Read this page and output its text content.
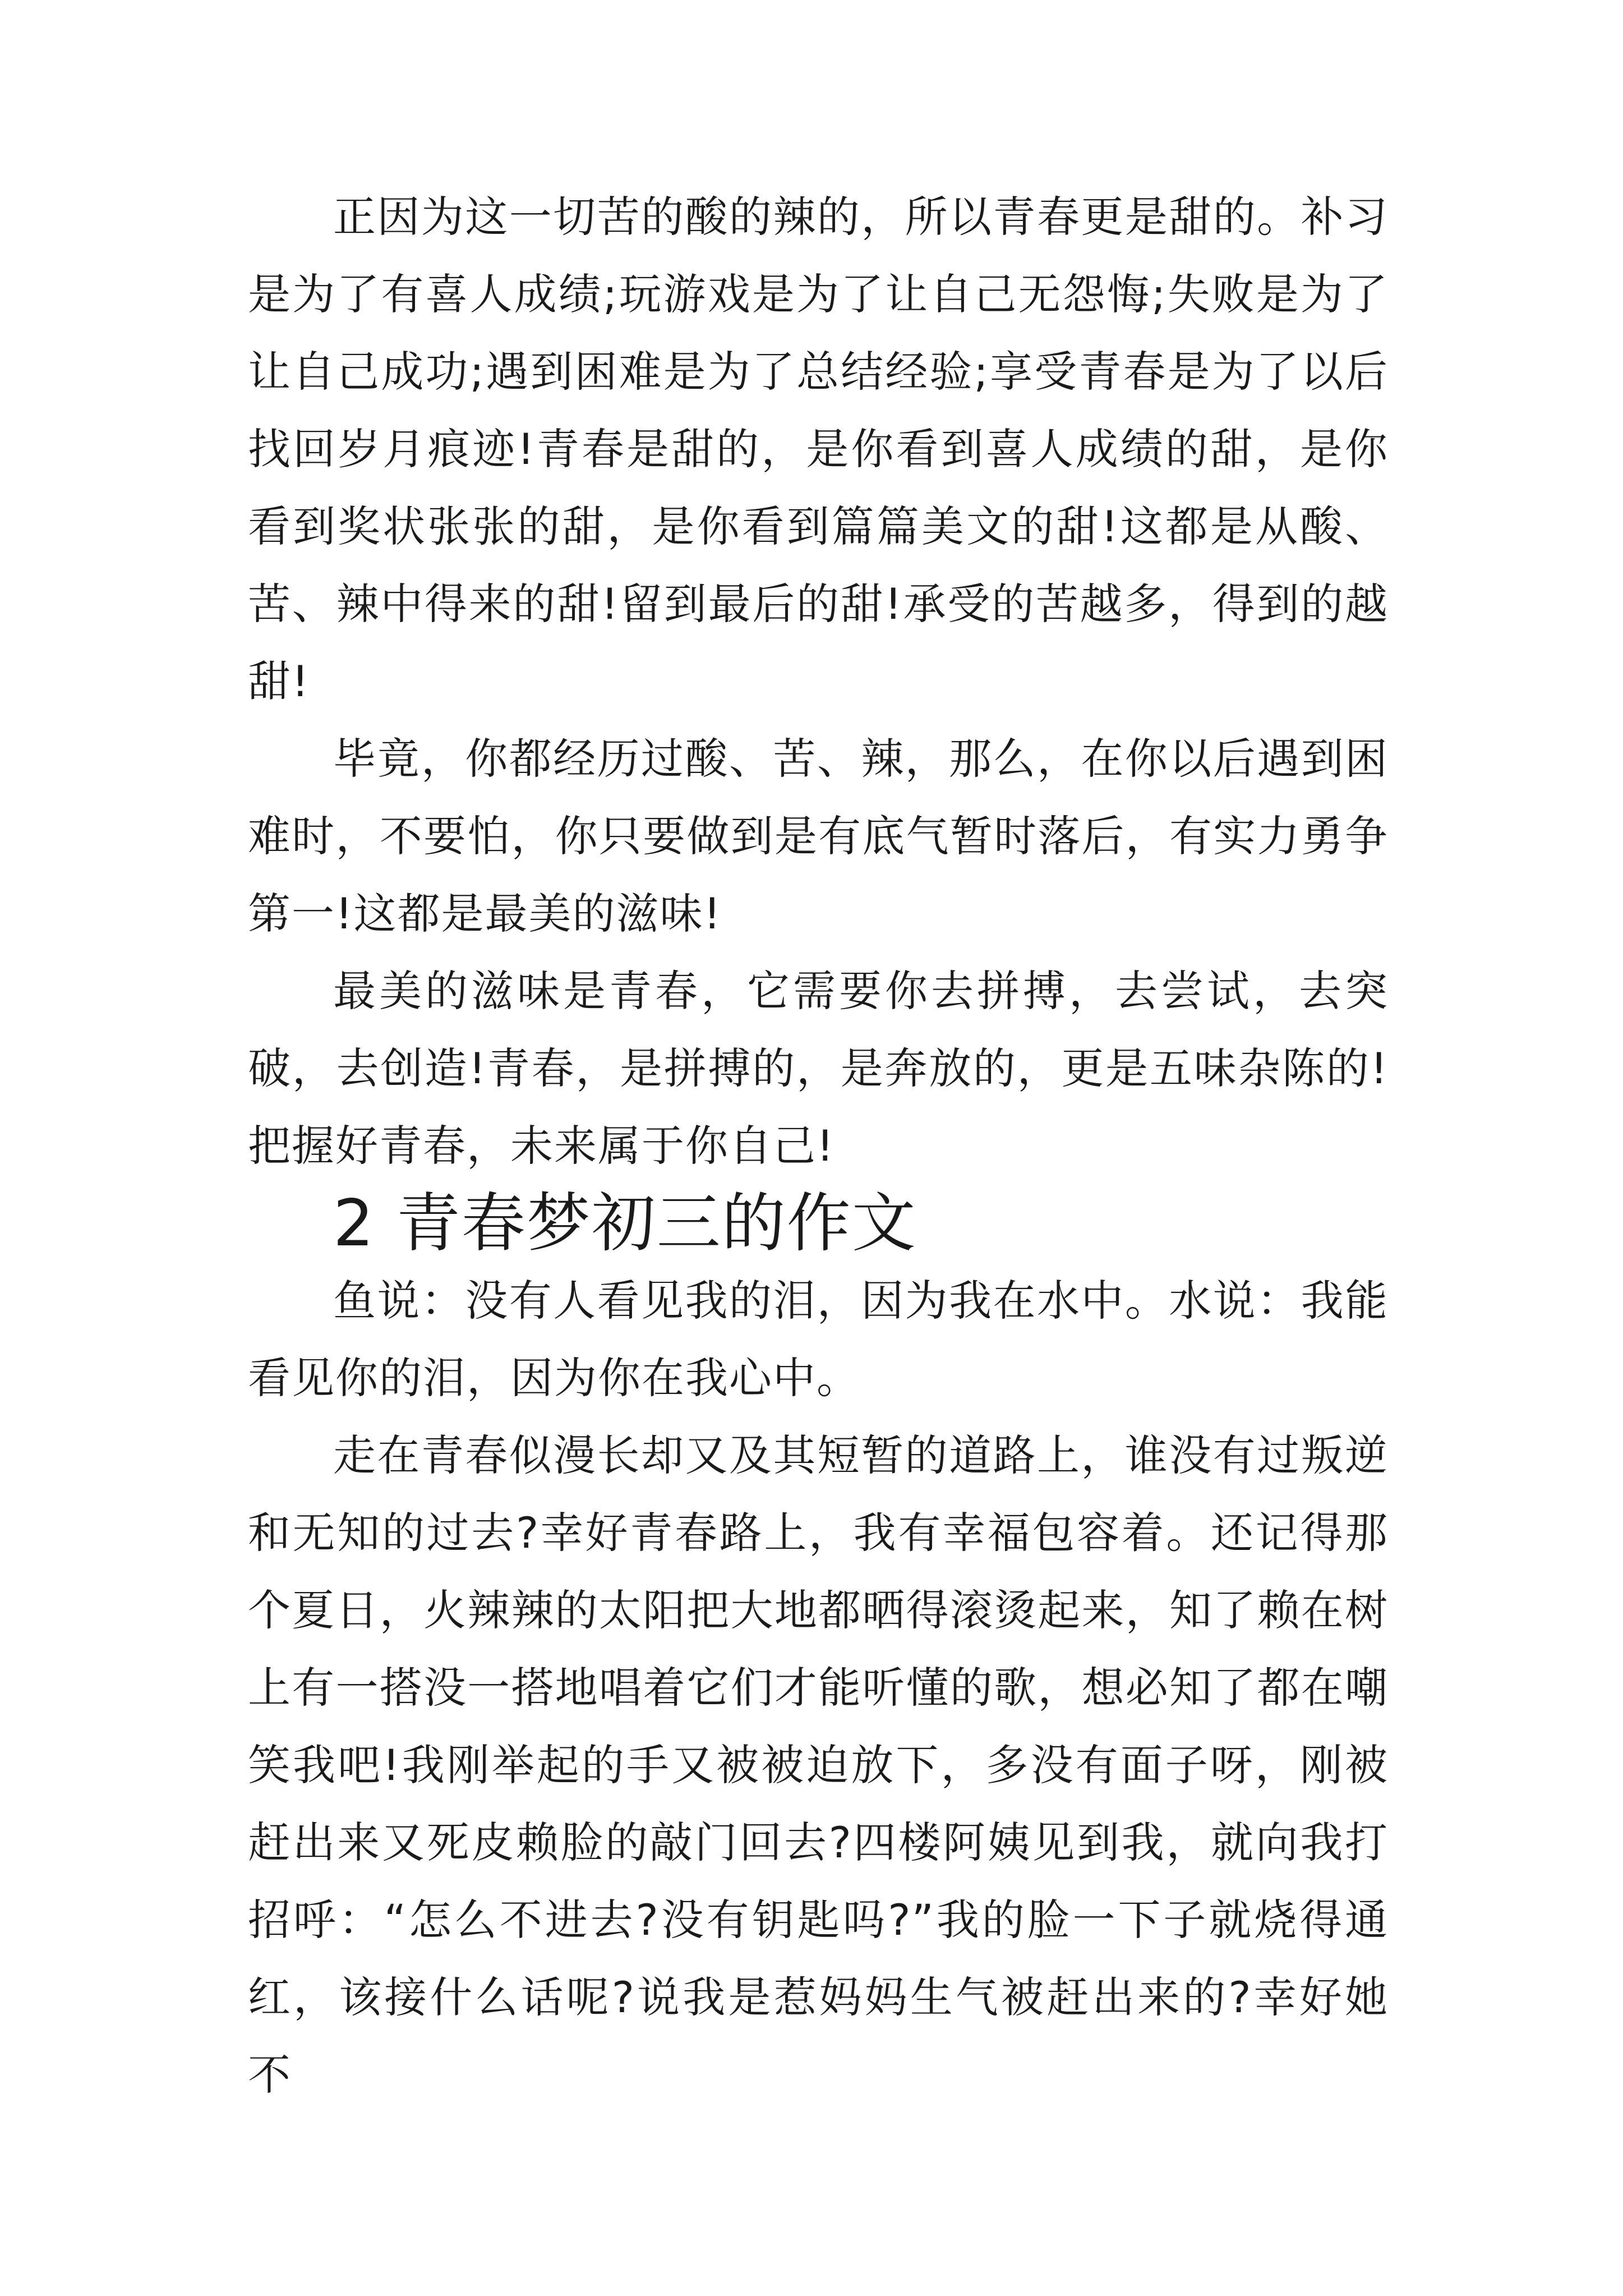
正因为这一切苦的酸的辣的，所以青春更是甜的。补习是为了有喜人成绩;玩游戏是为了让自己无怨悔;失败是为了让自己成功;遇到困难是为了总结经验;享受青春是为了以后找回岁月痕迹!青春是甜的，是你看到喜人成绩的甜，是你看到奖状张张的甜，是你看到篇篇美文的甜!这都是从酸、苦、辣中得来的甜!留到最后的甜!承受的苦越多，得到的越甜!

毕竟，你都经历过酸、苦、辣，那么，在你以后遇到困难时，不要怕，你只要做到是有底气暂时落后，有实力勇争第一!这都是最美的滋味!

最美的滋味是青春，它需要你去拼搏，去尝试，去突破，去创造!青春，是拼搏的，是奔放的，更是五味杂陈的!把握好青春，未来属于你自己!

2 青春梦初三的作文

鱼说：没有人看见我的泪，因为我在水中。水说：我能看见你的泪，因为你在我心中。

走在青春似漫长却又及其短暂的道路上，谁没有过叛逆和无知的过去?幸好青春路上，我有幸福包容着。还记得那个夏日，火辣辣的太阳把大地都晒得滚烫起来，知了赖在树上有一搭没一搭地唱着它们才能听懂的歌，想必知了都在嘲笑我吧!我刚举起的手又被被迫放下，多没有面子呀，刚被赶出来又死皮赖脸的敲门回去?四楼阿姨见到我，就向我打招呼：“怎么不进去?没有钥匙吗?”我的脸一下子就烧得通红，该接什么话呢?说我是惹妈妈生气被赶出来的?幸好她不
